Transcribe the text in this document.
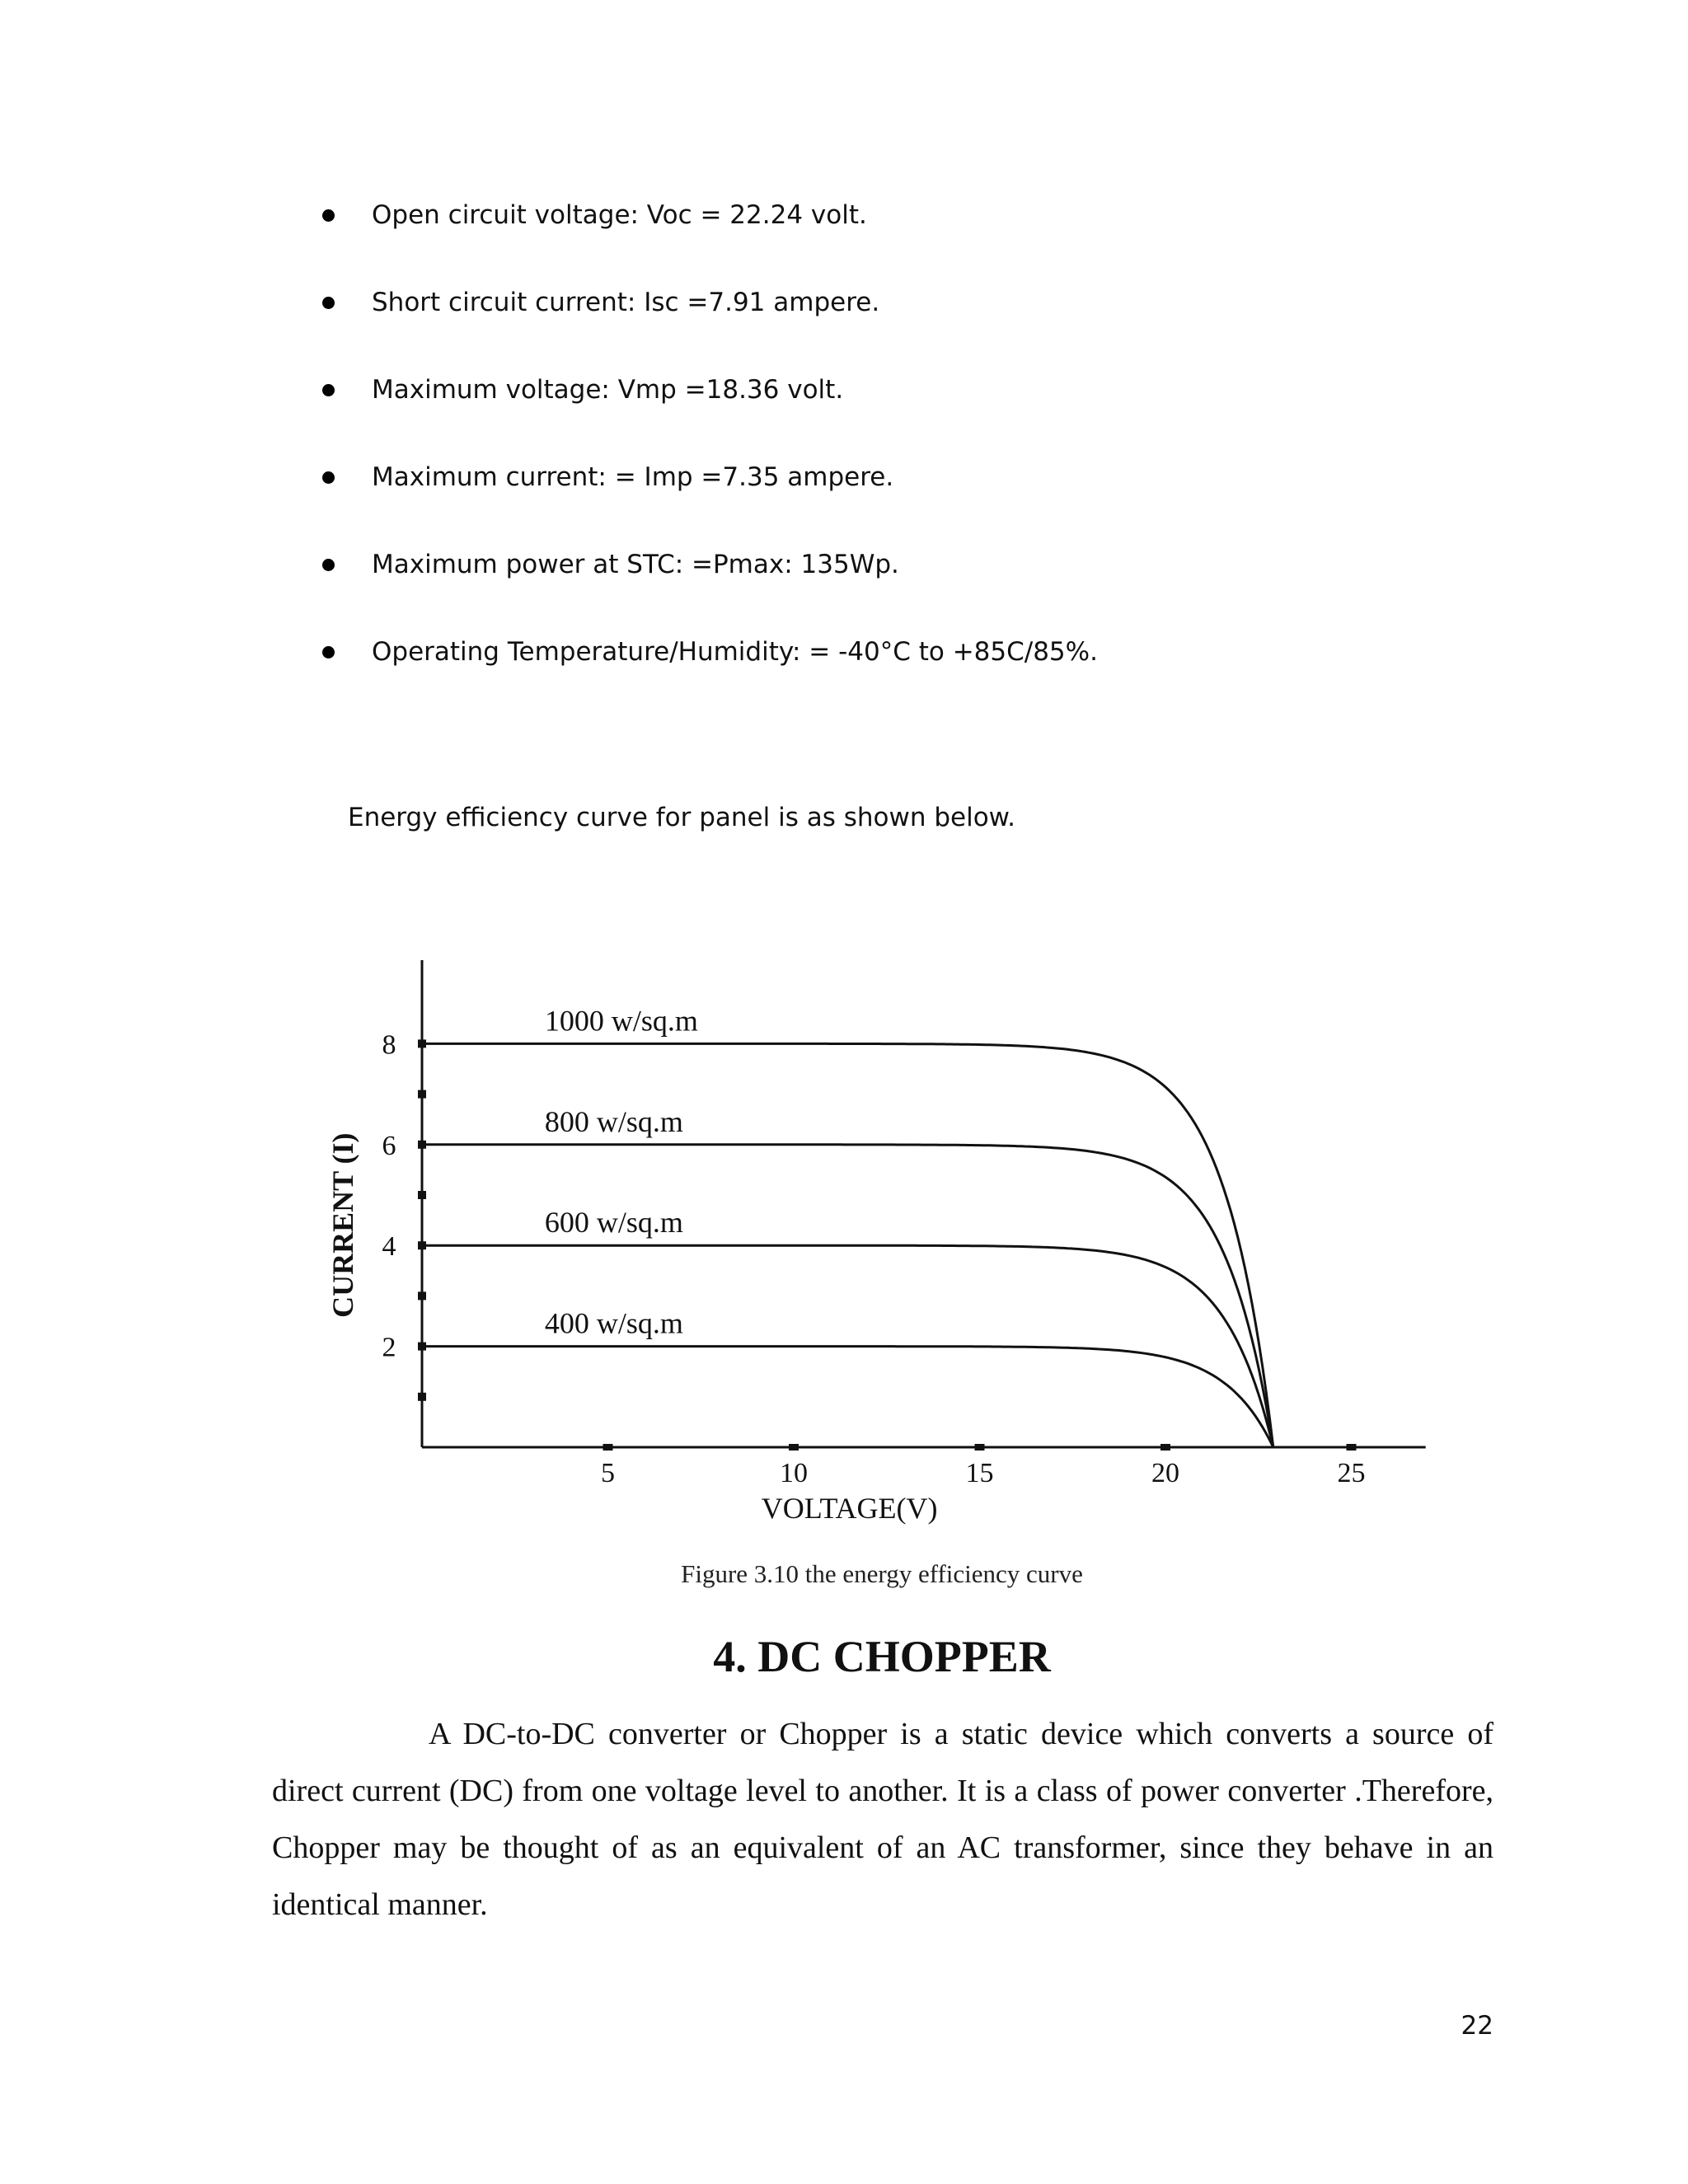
Open circuit voltage: Voc = 22.24 volt.
Short circuit current: Isc =7.91 ampere.
Maximum voltage: Vmp =18.36 volt.
Maximum current: = Imp =7.35 ampere.
Maximum power at STC: =Pmax: 135Wp.
Operating Temperature/Humidity: = -40°C to +85C/85%.

Energy efficiency curve for panel is as shown below.

5	10	15	20	25
2
4
6
8
VOLTAGE(V)
CURRENT (I)
1000 w/sq.m
800 w/sq.m
600 w/sq.m
400 w/sq.m

Figure 3.10 the energy efficiency curve

4. DC CHOPPER

A DC-to-DC converter or Chopper is a static device which converts a source of direct current (DC) from one voltage level to another. It is a class of power converter .Therefore, Chopper may be thought of as an equivalent of an AC transformer, since they behave in an identical manner.

22
